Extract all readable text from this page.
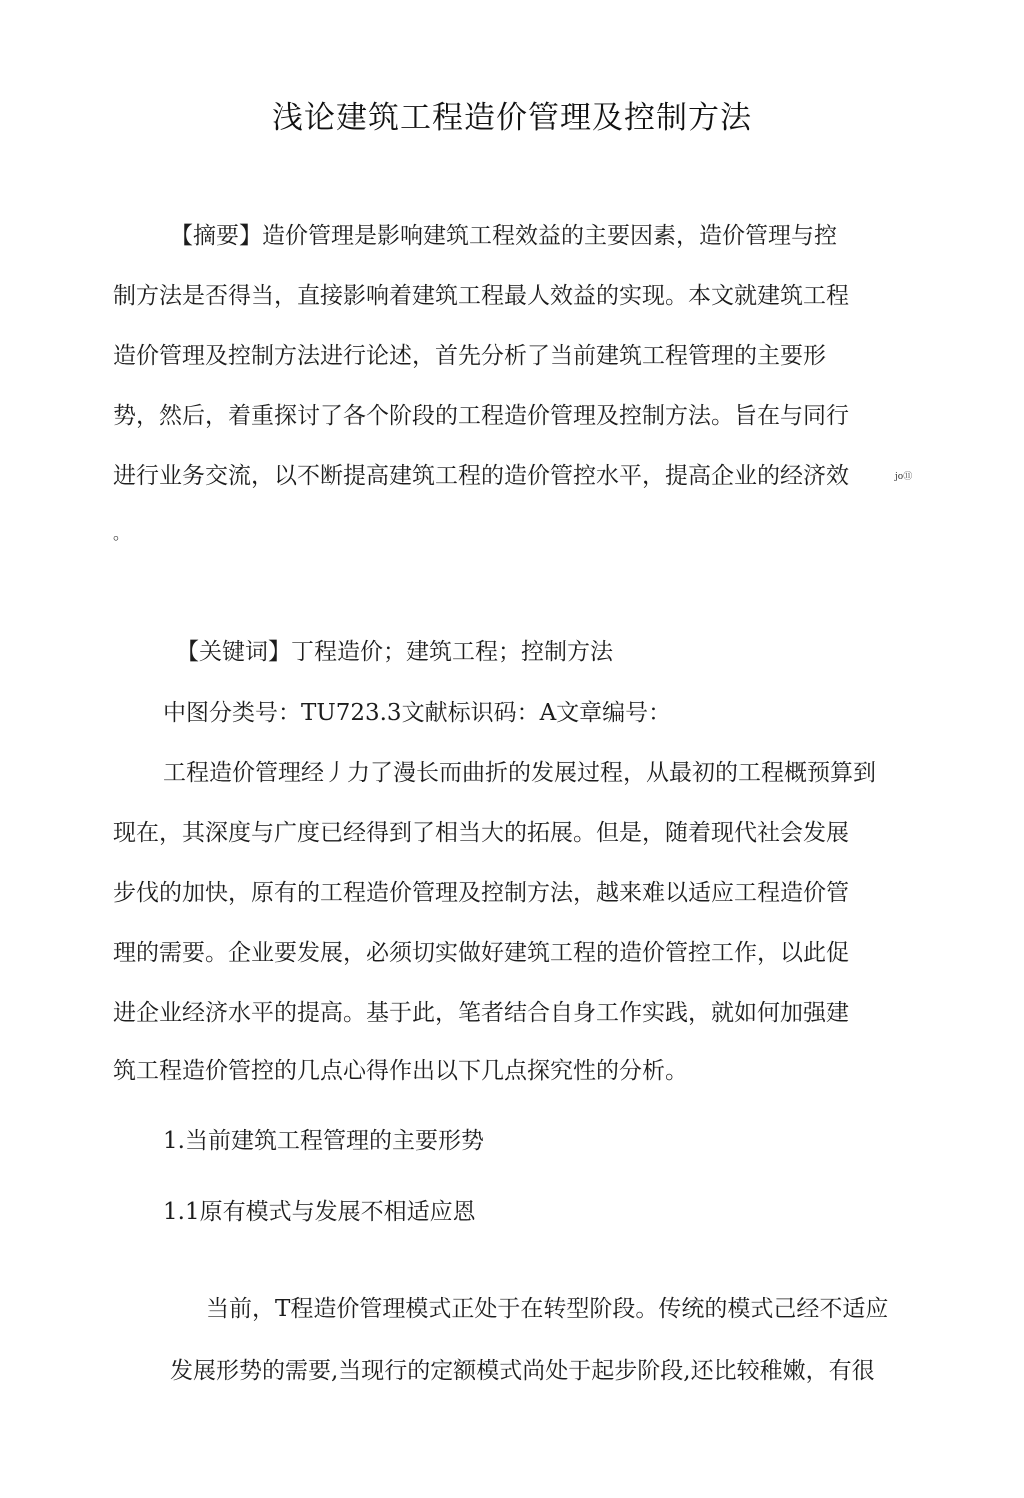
浅论建筑工程造价管理及控制方法
【摘要】造价管理是影响建筑工程效益的主要因素，造价管理与控
制方法是否得当，直接影响着建筑工程最人效益的实现。本文就建筑工程
造价管理及控制方法进行论述，首先分析了当前建筑工程管理的主要形
势，然后，着重探讨了各个阶段的工程造价管理及控制方法。旨在与同行
进行业务交流，以不断提高建筑工程的造价管控水平，提高企业的经济效	jo⑪
。
【关键词】丁程造价；建筑工程；控制方法
中图分类号：TU723.3文献标识码：A文章编号：
工程造价管理经丿力了漫长而曲折的发展过程，从最初的工程概预算到
现在，其深度与广度已经得到了相当大的拓展。但是，随着现代社会发展
步伐的加快，原有的工程造价管理及控制方法，越来难以适应工程造价管
理的需要。企业要发展，必须切实做好建筑工程的造价管控工作，以此促
进企业经济水平的提高。基于此，笔者结合自身工作实践，就如何加强建
筑工程造价管控的几点心得作出以下几点探究性的分析。
1.当前建筑工程管理的主要形势
1.1原有模式与发展不相适应恩
当前，T程造价管理模式正处于在转型阶段。传统的模式己经不适应
发展形势的需要,当现行的定额模式尚处于起步阶段,还比较稚嫩，有很
